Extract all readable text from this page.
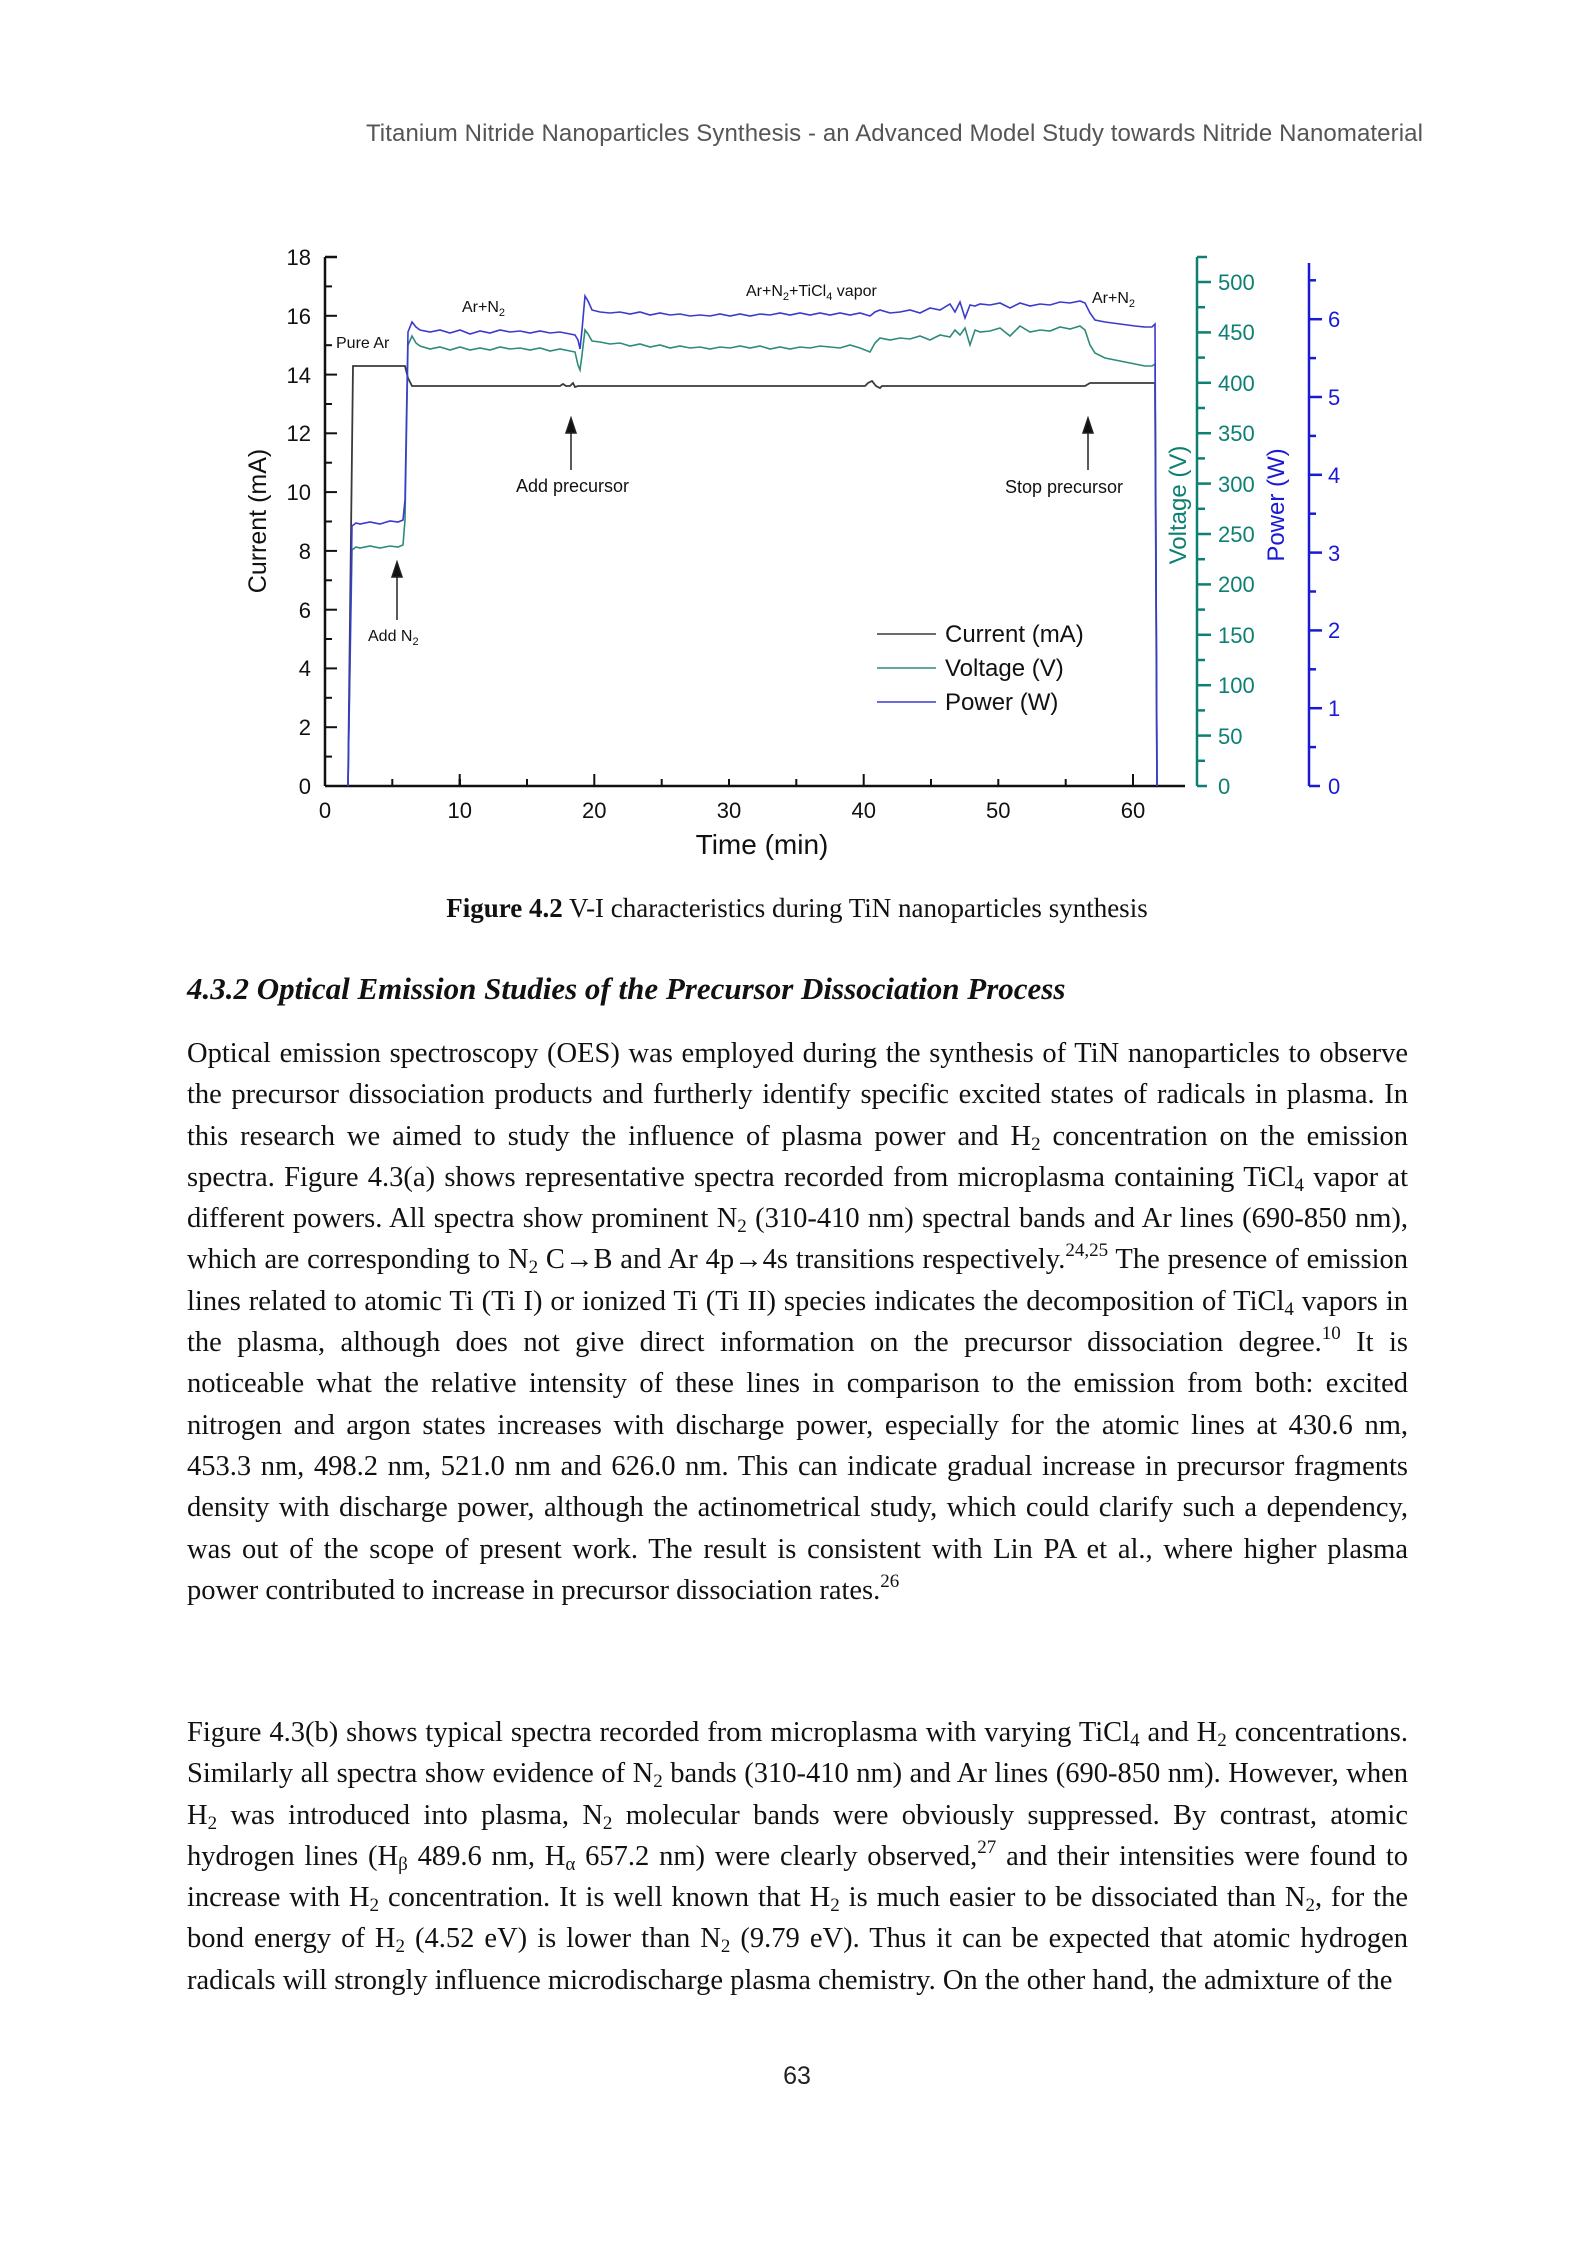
Titanium Nitride Nanoparticles Synthesis - an Advanced Model Study towards Nitride Nanomaterial
0
2
4
6
8
10
12
14
16
18
0	10	20	30	40	50	60
Time (min)
Current (mA)
0
50
100
150
200
250
300
350
400
450
500
Voltage (V)
0
1
2
3
4
5
6
Power (W)
Pure Ar
$Ar+N_2$
$Ar+N_2+TiCl_4$ vapor	$Ar+N_2$
Add $N_2$
Add precursor	Stop precursor
Current (mA)
Voltage (V)
Power (W)
Figure 4.2 V-I characteristics during TiN nanoparticles synthesis
4.3.2 Optical Emission Studies of the Precursor Dissociation Process
Optical emission spectroscopy (OES) was employed during the synthesis of TiN nanoparticles to observe the precursor dissociation products and furtherly identify specific excited states of radicals in plasma. In this research we aimed to study the influence of plasma power and $H_2$ concentration on the emission spectra. Figure 4.3(a) shows representative spectra recorded from microplasma containing TiCl$_4$ vapor at different powers. All spectra show prominent $N_2$ (310-410 nm) spectral bands and Ar lines (690-850 nm), which are corresponding to $N_2$ C→B and Ar 4p→4s transitions respectively.$^{24,25}$ The presence of emission lines related to atomic Ti (Ti I) or ionized Ti (Ti II) species indicates the decomposition of TiCl$_4$ vapors in the plasma, although does not give direct information on the precursor dissociation degree.$^{10}$ It is noticeable what the relative intensity of these lines in comparison to the emission from both: excited nitrogen and argon states increases with discharge power, especially for the atomic lines at 430.6 nm, 453.3 nm, 498.2 nm, 521.0 nm and 626.0 nm. This can indicate gradual increase in precursor fragments density with discharge power, although the actinometrical study, which could clarify such a dependency, was out of the scope of present work. The result is consistent with Lin PA et al., where higher plasma power contributed to increase in precursor dissociation rates.$^{26}$
Figure 4.3(b) shows typical spectra recorded from microplasma with varying TiCl$_4$ and $H_2$ concentrations. Similarly all spectra show evidence of $N_2$ bands (310-410 nm) and Ar lines (690-850 nm). However, when $H_2$ was introduced into plasma, $N_2$ molecular bands were obviously suppressed. By contrast, atomic hydrogen lines ($H_\beta$ 489.6 nm, $H_\alpha$ 657.2 nm) were clearly observed,$^{27}$ and their intensities were found to increase with $H_2$ concentration. It is well known that $H_2$ is much easier to be dissociated than $N_2$, for the bond energy of $H_2$ (4.52 eV) is lower than $N_2$ (9.79 eV). Thus it can be expected that atomic hydrogen radicals will strongly influence microdischarge plasma chemistry. On the other hand, the admixture of the
63
